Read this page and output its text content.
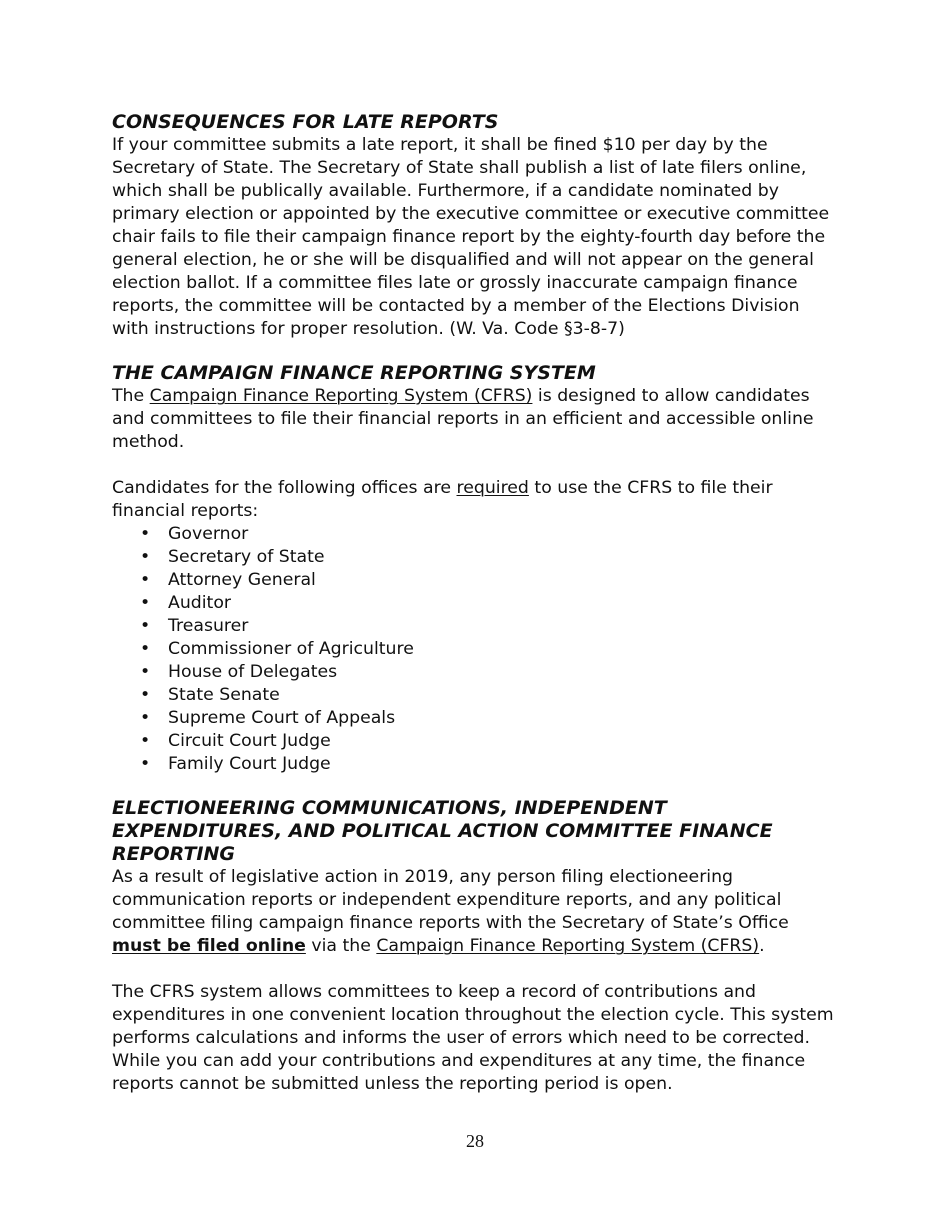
CONSEQUENCES FOR LATE REPORTS

If your committee submits a late report, it shall be fined $10 per day by the Secretary of State. The Secretary of State shall publish a list of late filers online, which shall be publically available. Furthermore, if a candidate nominated by primary election or appointed by the executive committee or executive committee chair fails to file their campaign finance report by the eighty-fourth day before the general election, he or she will be disqualified and will not appear on the general election ballot. If a committee files late or grossly inaccurate campaign finance reports, the committee will be contacted by a member of the Elections Division with instructions for proper resolution. (W. Va. Code §3-8-7)

THE CAMPAIGN FINANCE REPORTING SYSTEM

The Campaign Finance Reporting System (CFRS) is designed to allow candidates and committees to file their financial reports in an efficient and accessible online method.

Candidates for the following offices are required to use the CFRS to file their financial reports:

• Governor
• Secretary of State
• Attorney General
• Auditor
• Treasurer
• Commissioner of Agriculture
• House of Delegates
• State Senate
• Supreme Court of Appeals
• Circuit Court Judge
• Family Court Judge
ELECTIONEERING COMMUNICATIONS, INDEPENDENT
EXPENDITURES, AND POLITICAL ACTION COMMITTEE FINANCE
REPORTING

As a result of legislative action in 2019, any person filing electioneering communication reports or independent expenditure reports, and any political committee filing campaign finance reports with the Secretary of State’s Office must be filed online via the Campaign Finance Reporting System (CFRS).

The CFRS system allows committees to keep a record of contributions and expenditures in one convenient location throughout the election cycle. This system performs calculations and informs the user of errors which need to be corrected. While you can add your contributions and expenditures at any time, the finance reports cannot be submitted unless the reporting period is open.

28
